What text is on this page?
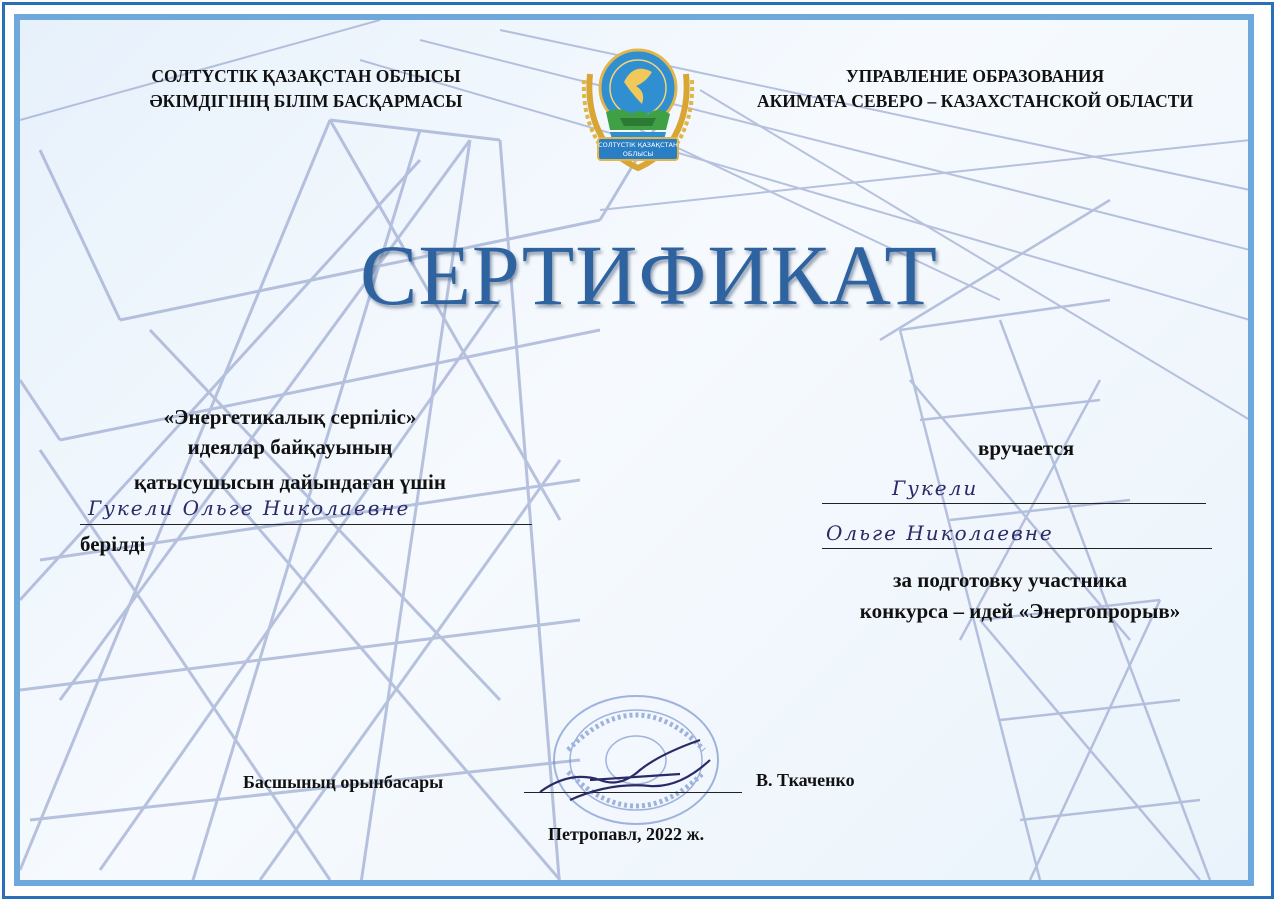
СОЛТҮСТІК ҚАЗАҚСТАН ОБЛЫСЫ
ӘКІМДІГІНІҢ БІЛІМ БАСҚАРМАСЫ
УПРАВЛЕНИЕ ОБРАЗОВАНИЯ
АКИМАТА СЕВЕРО – КАЗАХСТАНСКОЙ ОБЛАСТИ
СОЛТҮСТІК ҚАЗАҚСТАН
ОБЛЫСЫ
СЕРТИФИКАТ
«Энергетикалық серпіліс»
идеялар байқауының
қатысушысын дайындаған үшін
Гукели Ольге Николаевне
берілді
вручается
Гукели
Ольге Николаевне
за подготовку участника
конкурса – идей «Энергопрорыв»
Басшының орынбасары	В. Ткаченко
Петропавл, 2022 ж.
